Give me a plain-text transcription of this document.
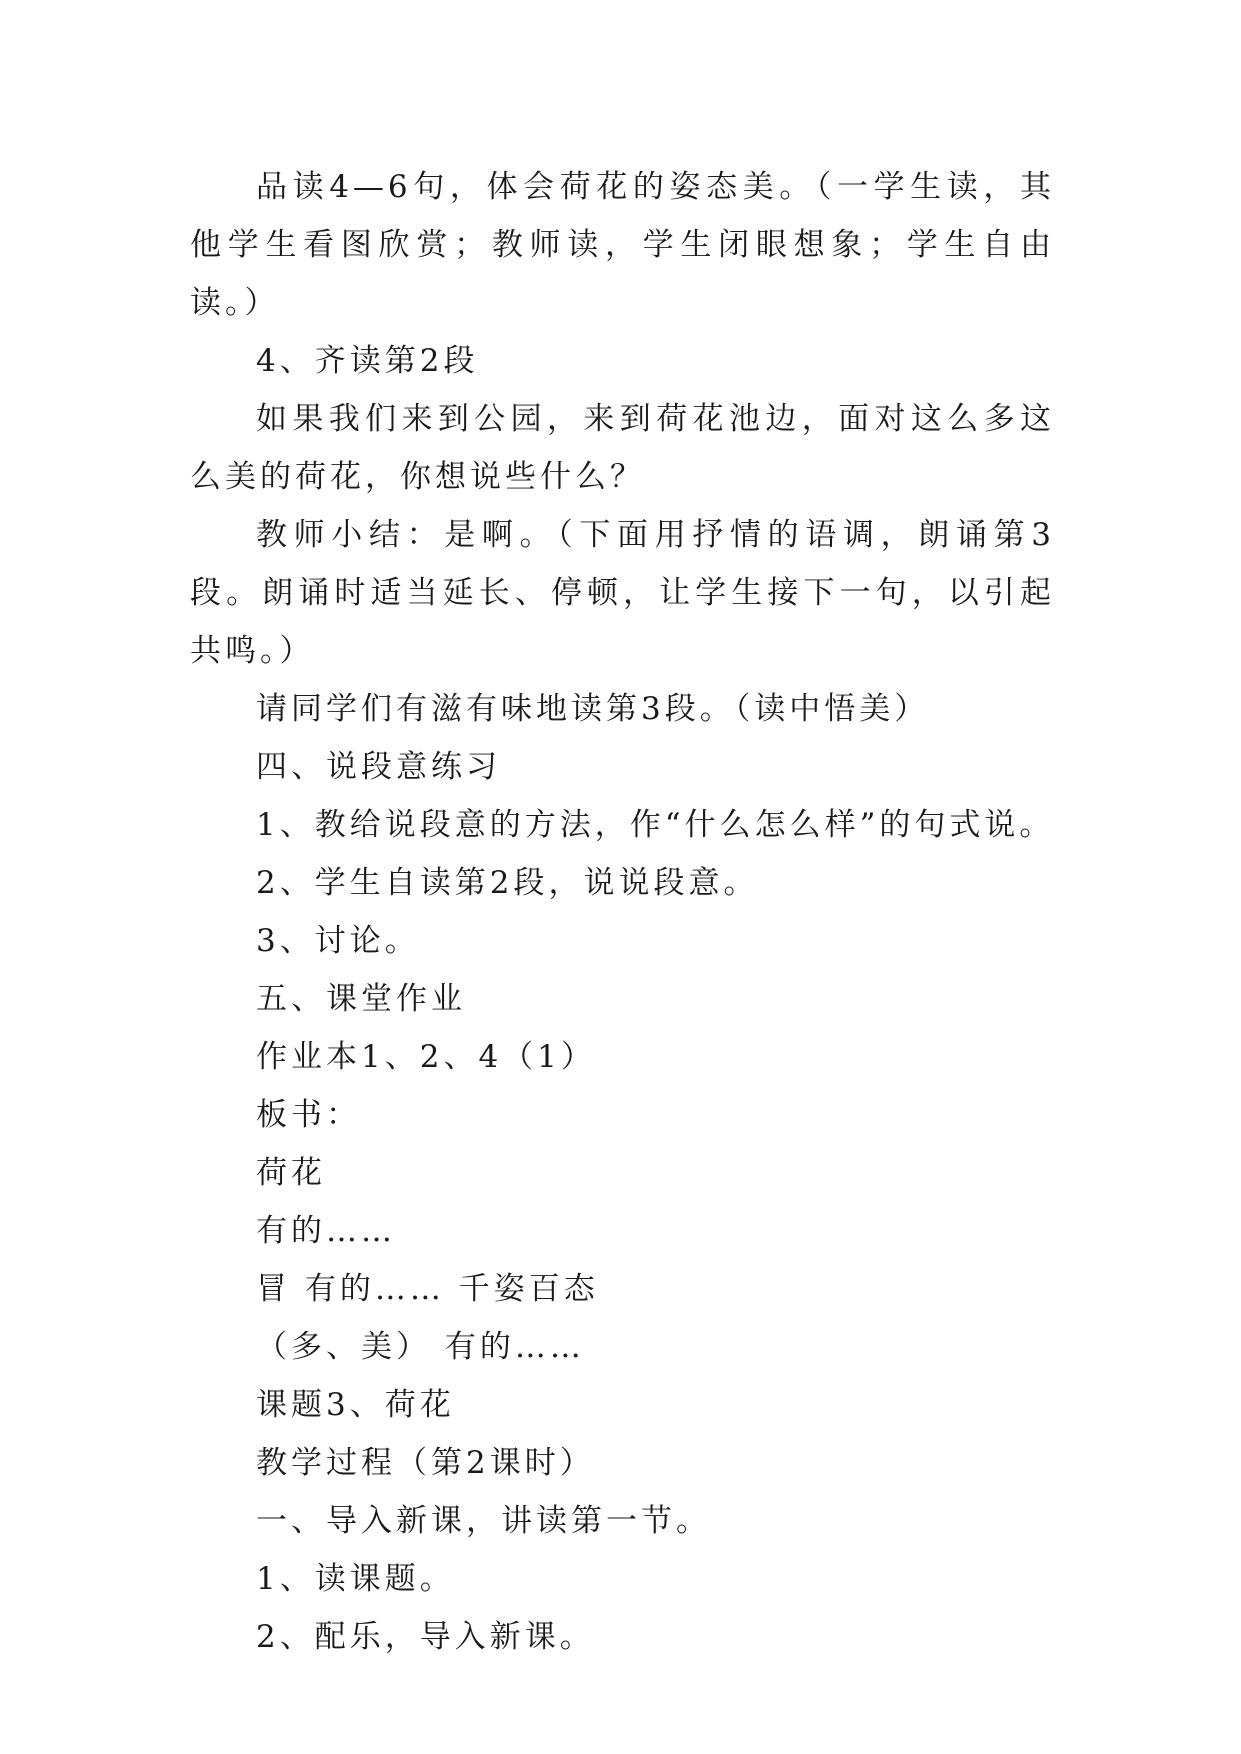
品读4—6句，体会荷花的姿态美。（一学生读，其他学生看图欣赏；教师读，学生闭眼想象；学生自由读。）

4、齐读第2段

如果我们来到公园，来到荷花池边，面对这么多这么美的荷花，你想说些什么？

教师小结：是啊。（下面用抒情的语调，朗诵第3段。朗诵时适当延长、停顿，让学生接下一句，以引起共鸣。）

请同学们有滋有味地读第3段。（读中悟美）

四、说段意练习

1、教给说段意的方法，作“什么怎么样”的句式说。

2、学生自读第2段，说说段意。

3、讨论。

五、课堂作业

作业本1、2、4（1）

板书：

荷花

有的……

冒 有的…… 千姿百态

（多、美） 有的……

课题3、荷花

教学过程（第2课时）

一、导入新课，讲读第一节。

1、读课题。

2、配乐，导入新课。
